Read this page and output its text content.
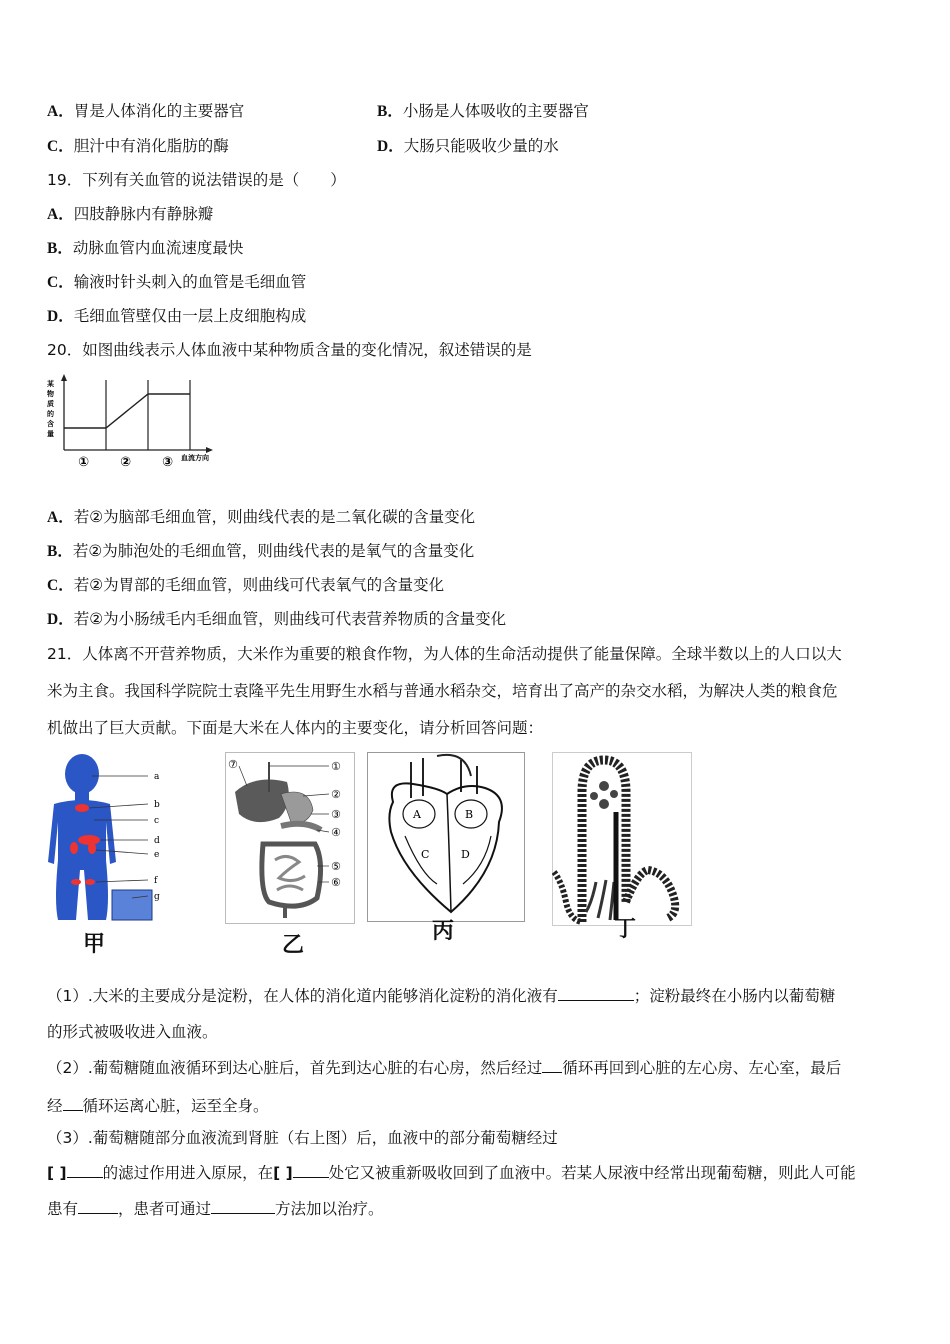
A．胃是人体消化的主要器官	B．小肠是人体吸收的主要器官
C．胆汁中有消化脂肪的酶	D．大肠只能吸收少量的水
19．下列有关血管的说法错误的是（　　）
A．四肢静脉内有静脉瓣
B．动脉血管内血流速度最快
C．输液时针头刺入的血管是毛细血管
D．毛细血管壁仅由一层上皮细胞构成
20．如图曲线表示人体血液中某种物质含量的变化情况，叙述错误的是
某
物
质
的
含
量
① ② ③ 血流方向
A．若②为脑部毛细血管，则曲线代表的是二氧化碳的含量变化
B．若②为肺泡处的毛细血管，则曲线代表的是氧气的含量变化
C．若②为胃部的毛细血管，则曲线可代表氧气的含量变化
D．若②为小肠绒毛内毛细血管，则曲线可代表营养物质的含量变化
21．人体离不开营养物质，大米作为重要的粮食作物，为人体的生命活动提供了能量保障。全球半数以上的人口以大
米为主食。我国科学院院士袁隆平先生用野生水稻与普通水稻杂交，培育出了高产的杂交水稻，为解决人类的粮食危
机做出了巨大贡献。下面是大米在人体内的主要变化，请分析回答问题：
a
b
c
d
e
f
g
甲
⑦	①
②
③
④
⑤
⑥
乙
A	B
C	D
丙	丁
（1）.大米的主要成分是淀粉，在人体的消化道内能够消化淀粉的消化液有	；淀粉最终在小肠内以葡萄糖
的形式被吸收进入血液。
（2）.葡萄糖随血液循环到达心脏后，首先到达心脏的右心房，然后经过 循环再回到心脏的左心房、左心室，最后
经 循环运离心脏，运至全身。
（3）.葡萄糖随部分血液流到肾脏（右上图）后，血液中的部分葡萄糖经过
[ ] 的滤过作用进入原尿，在[ ] 处它又被重新吸收回到了血液中。若某人尿液中经常出现葡萄糖，则此人可能
患有	，患者可通过	方法加以治疗。
